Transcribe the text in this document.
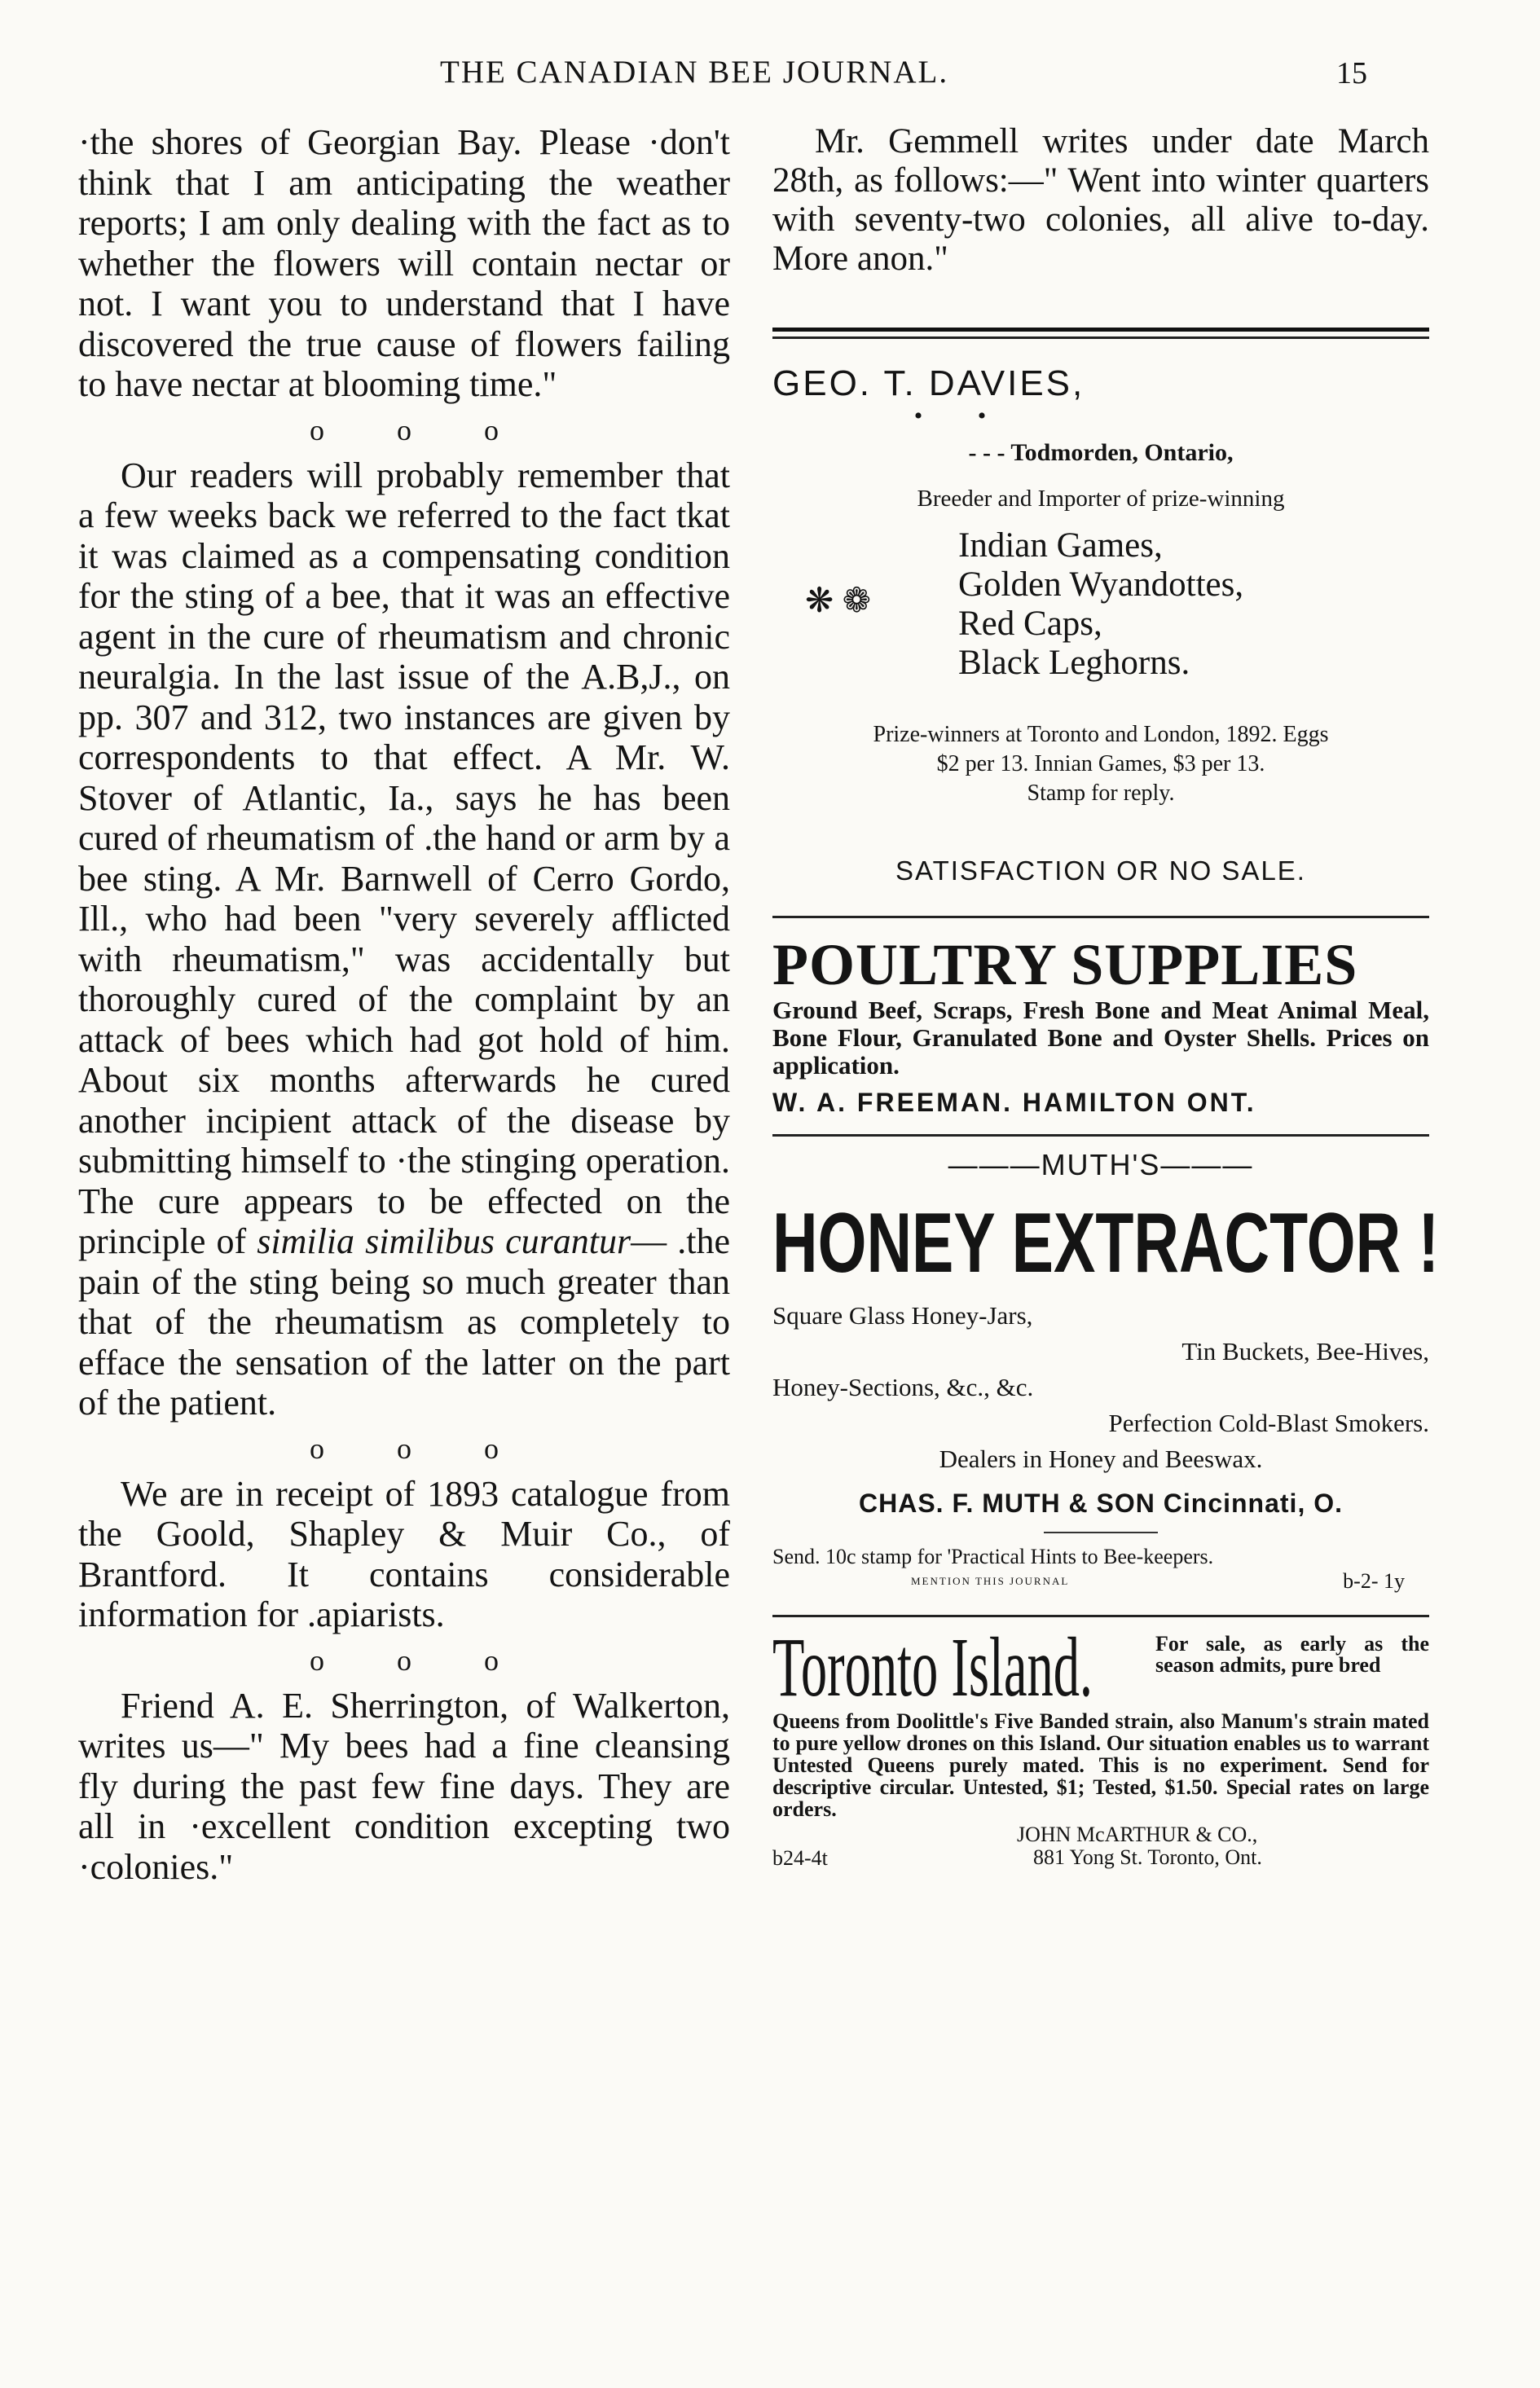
THE CANADIAN BEE JOURNAL.	15

·the shores of Georgian Bay. Please ·don't think that I am anticipating the weather reports; I am only dealing with the fact as to whether the flowers will contain nectar or not. I want you to understand that I have discovered the true cause of flowers failing to have nectar at blooming time."

o o o

Our readers will probably remember that a few weeks back we referred to the fact tkat it was claimed as a compensating condition for the sting of a bee, that it was an effective agent in the cure of rheumatism and chronic neuralgia. In the last issue of the A.B,J., on pp. 307 and 312, two instances are given by correspondents to that effect. A Mr. W. Stover of Atlantic, Ia., says he has been cured of rheumatism of .the hand or arm by a bee sting. A Mr. Barnwell of Cerro Gordo, Ill., who had been "very severely afflicted with rheumatism," was accidentally but thoroughly cured of the complaint by an attack of bees which had got hold of him. About six months afterwards he cured another incipient attack of the disease by submitting himself to ·the stinging operation. The cure appears to be effected on the principle of similia similibus curantur— .the pain of the sting being so much greater than that of the rheumatism as completely to efface the sensation of the latter on the part of the patient.

o o o

We are in receipt of 1893 catalogue from the Goold, Shapley & Muir Co., of Brantford. It contains considerable information for .apiarists.

o o o

Friend A. E. Sherrington, of Walkerton, writes us—" My bees had a fine cleansing fly during the past few fine days. They are all in ·excellent condition excepting two ·colonies."

Mr. Gemmell writes under date March 28th, as follows:—" Went into winter quarters with seventy-two colonies, all alive to-day. More anon."

GEO. T. DAVIES,
• •
- - - Todmorden, Ontario,
Breeder and Importer of prize-winning
❋ ❁
Indian Games,
Golden Wyandottes,
Red Caps,
Black Leghorns.
Prize-winners at Toronto and London, 1892. Eggs
$2 per 13. Innian Games, $3 per 13.
Stamp for reply.
SATISFACTION OR NO SALE.
POULTRY SUPPLIES
Ground Beef, Scraps, Fresh Bone and Meat Animal Meal, Bone Flour, Granulated Bone and Oyster Shells. Prices on application.
W. A. FREEMAN. HAMILTON ONT.
———MUTH'S———
HONEY EXTRACTOR !
Square Glass Honey-Jars,
Tin Buckets, Bee-Hives,
Honey-Sections, &c., &c.
Perfection Cold-Blast Smokers.
Dealers in Honey and Beeswax.
CHAS. F. MUTH & SON Cincinnati, O.
Send. 10c stamp for 'Practical Hints to Bee-keepers.
MENTION THIS JOURNAL	b-2- 1y
Toronto Island.	For sale, as early as the season admits, pure bred
Queens from Doolittle's Five Banded strain, also Manum's strain mated to pure yellow drones on this Island. Our situation enables us to warrant Untested Queens purely mated. This is no experiment. Send for descriptive circular. Untested, $1; Tested, $1.50. Special rates on large orders.
b24-4t
JOHN McARTHUR & CO.,
881 Yong St. Toronto, Ont.
